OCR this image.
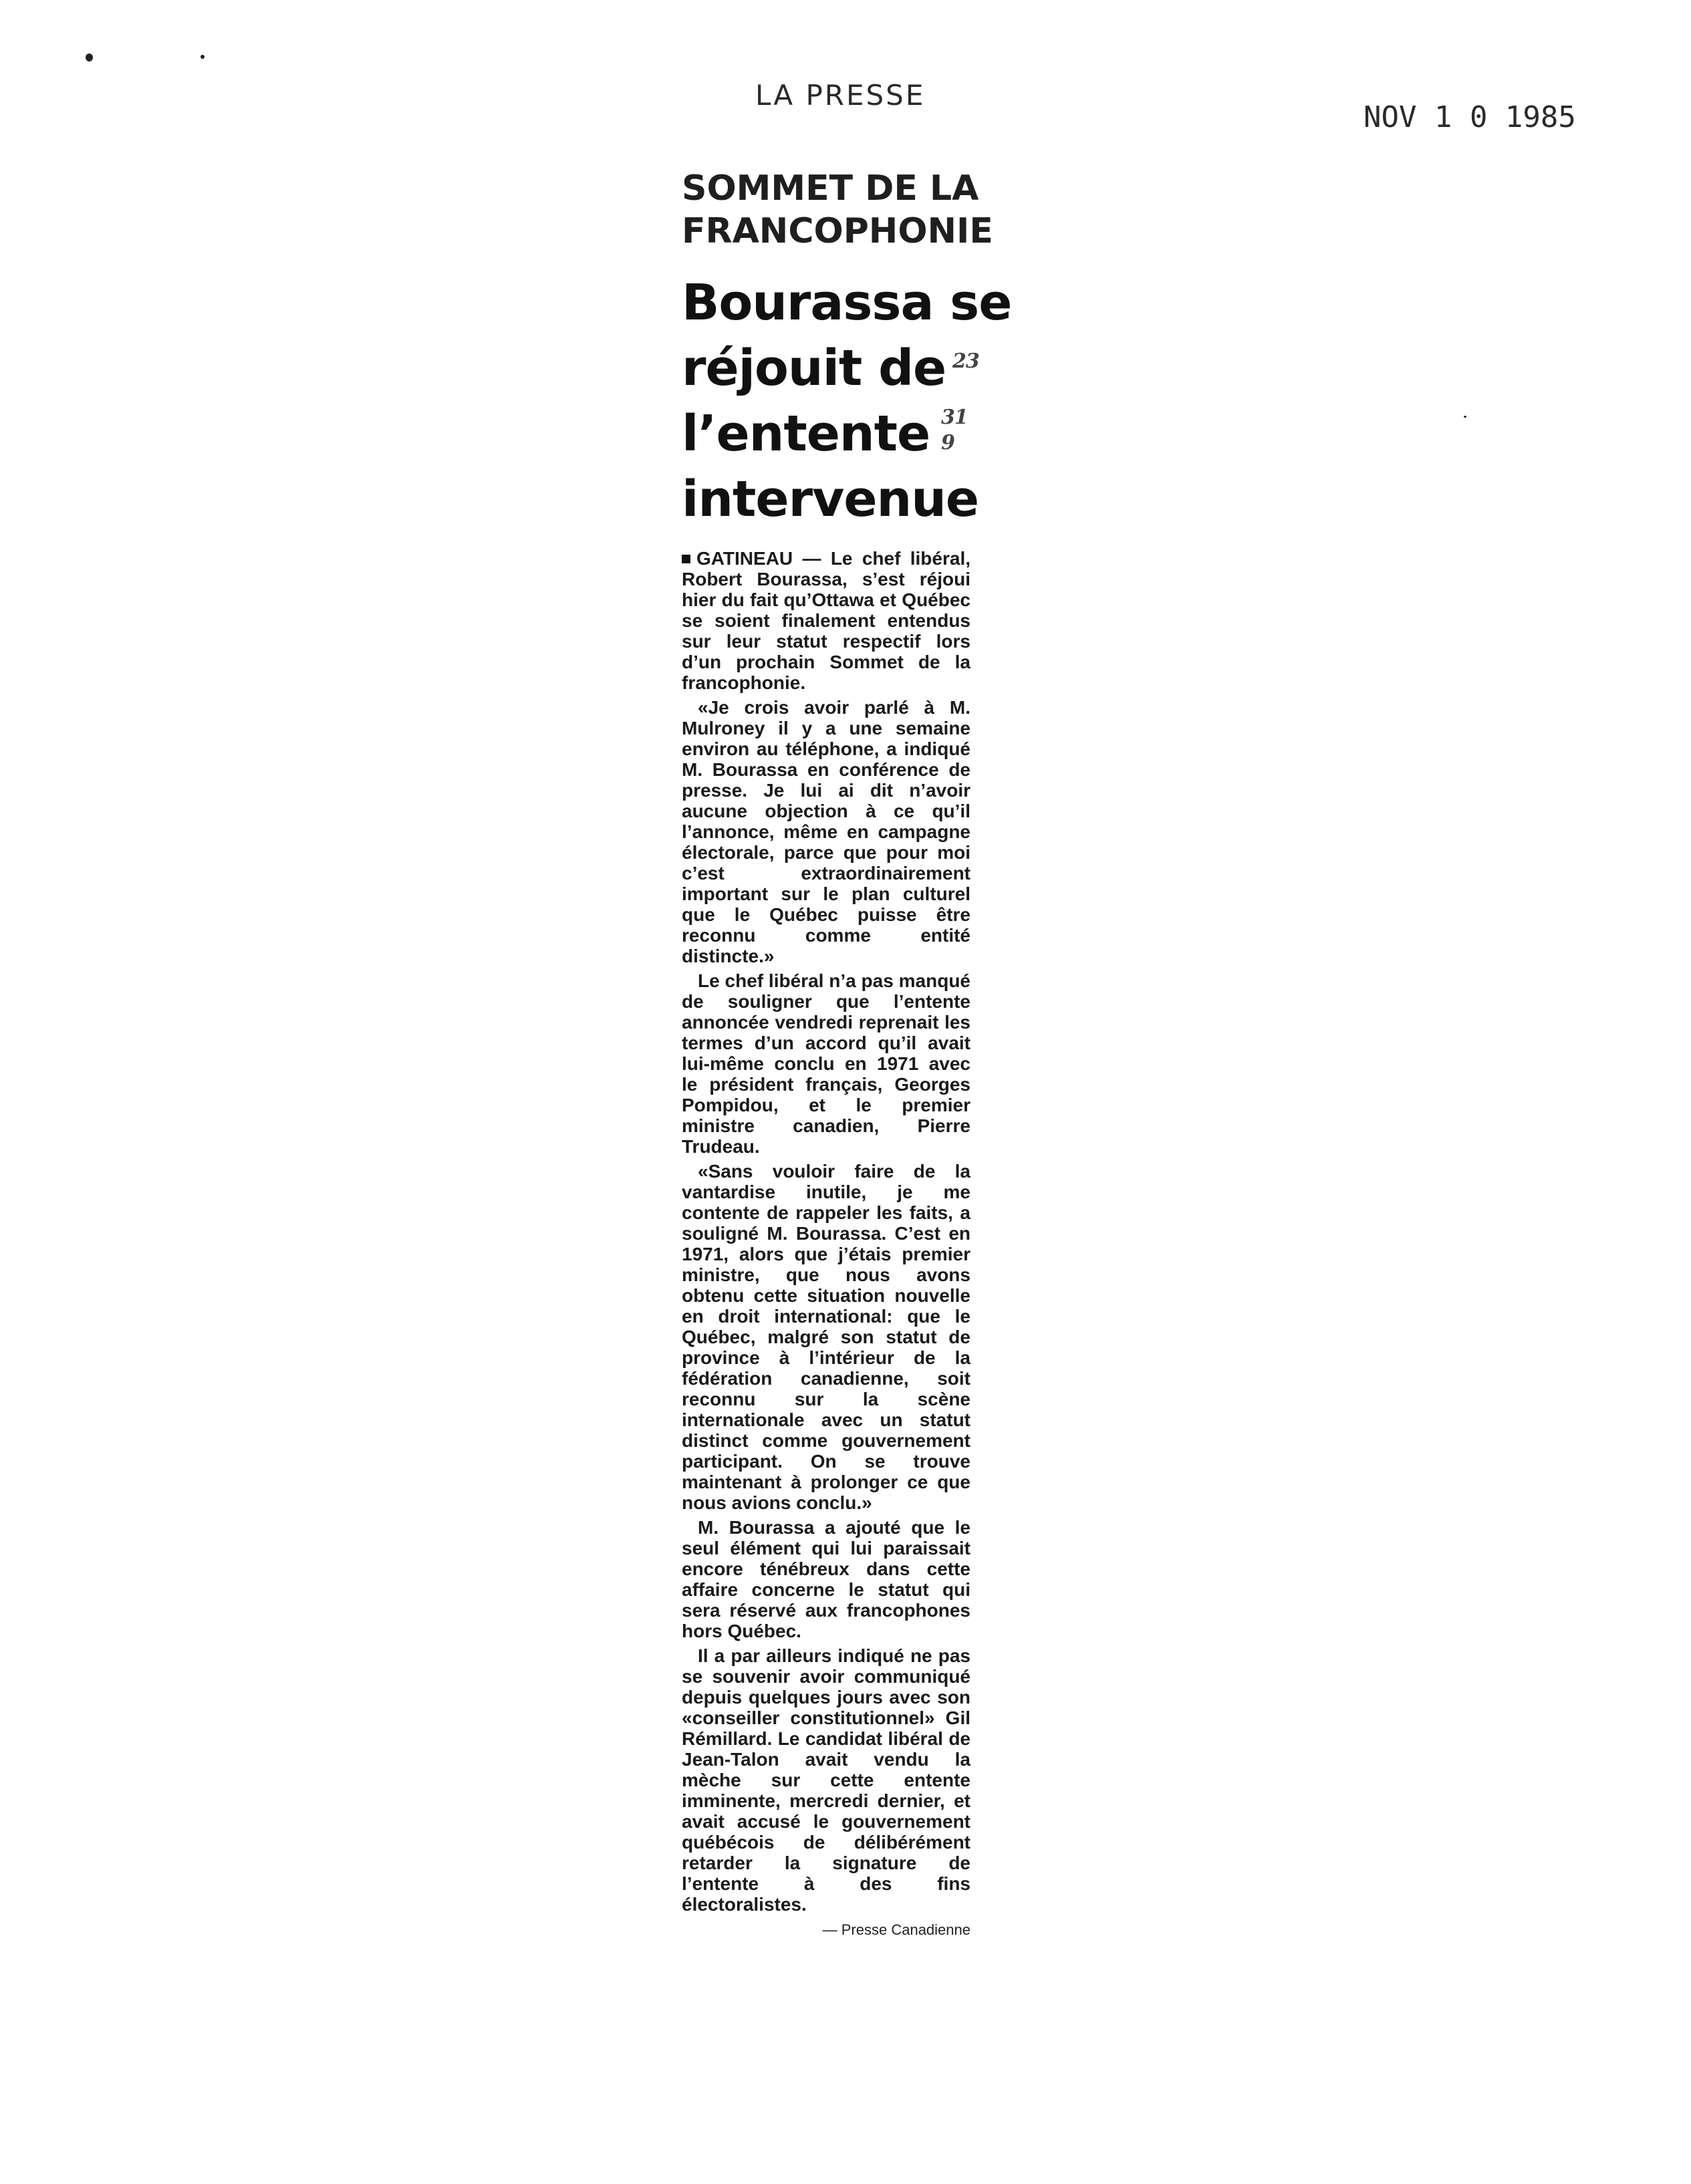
LA PRESSE
NOV 1 0 1985
SOMMET DE LA
FRANCOPHONIE
Bourassa se
réjouit de
l’entente
intervenue
23
31
9

GATINEAU — Le chef libéral, Robert Bourassa, s’est réjoui hier du fait qu’Ottawa et Québec se soient finalement entendus sur leur statut respectif lors d’un prochain Sommet de la francophonie.

«Je crois avoir parlé à M. Mulroney il y a une semaine environ au téléphone, a indiqué M. Bourassa en conférence de presse. Je lui ai dit n’avoir aucune objection à ce qu’il l’annonce, même en campagne électorale, parce que pour moi c’est extraordinairement important sur le plan culturel que le Québec puisse être reconnu comme entité distincte.»

Le chef libéral n’a pas manqué de souligner que l’entente annoncée vendredi reprenait les termes d’un accord qu’il avait lui-même conclu en 1971 avec le président français, Georges Pompidou, et le premier ministre canadien, Pierre Trudeau.

«Sans vouloir faire de la vantardise inutile, je me contente de rappeler les faits, a souligné M. Bourassa. C’est en 1971, alors que j’étais premier ministre, que nous avons obtenu cette situation nouvelle en droit international: que le Québec, malgré son statut de province à l’intérieur de la fédération canadienne, soit reconnu sur la scène internationale avec un statut distinct comme gouvernement participant. On se trouve maintenant à prolonger ce que nous avions conclu.»

M. Bourassa a ajouté que le seul élément qui lui paraissait encore ténébreux dans cette affaire concerne le statut qui sera réservé aux francophones hors Québec.

Il a par ailleurs indiqué ne pas se souvenir avoir communiqué depuis quelques jours avec son «conseiller constitutionnel» Gil Rémillard. Le candidat libéral de Jean-Talon avait vendu la mèche sur cette entente imminente, mercredi dernier, et avait accusé le gouvernement québécois de délibérément retarder la signature de l’entente à des fins électoralistes.

— Presse Canadienne
